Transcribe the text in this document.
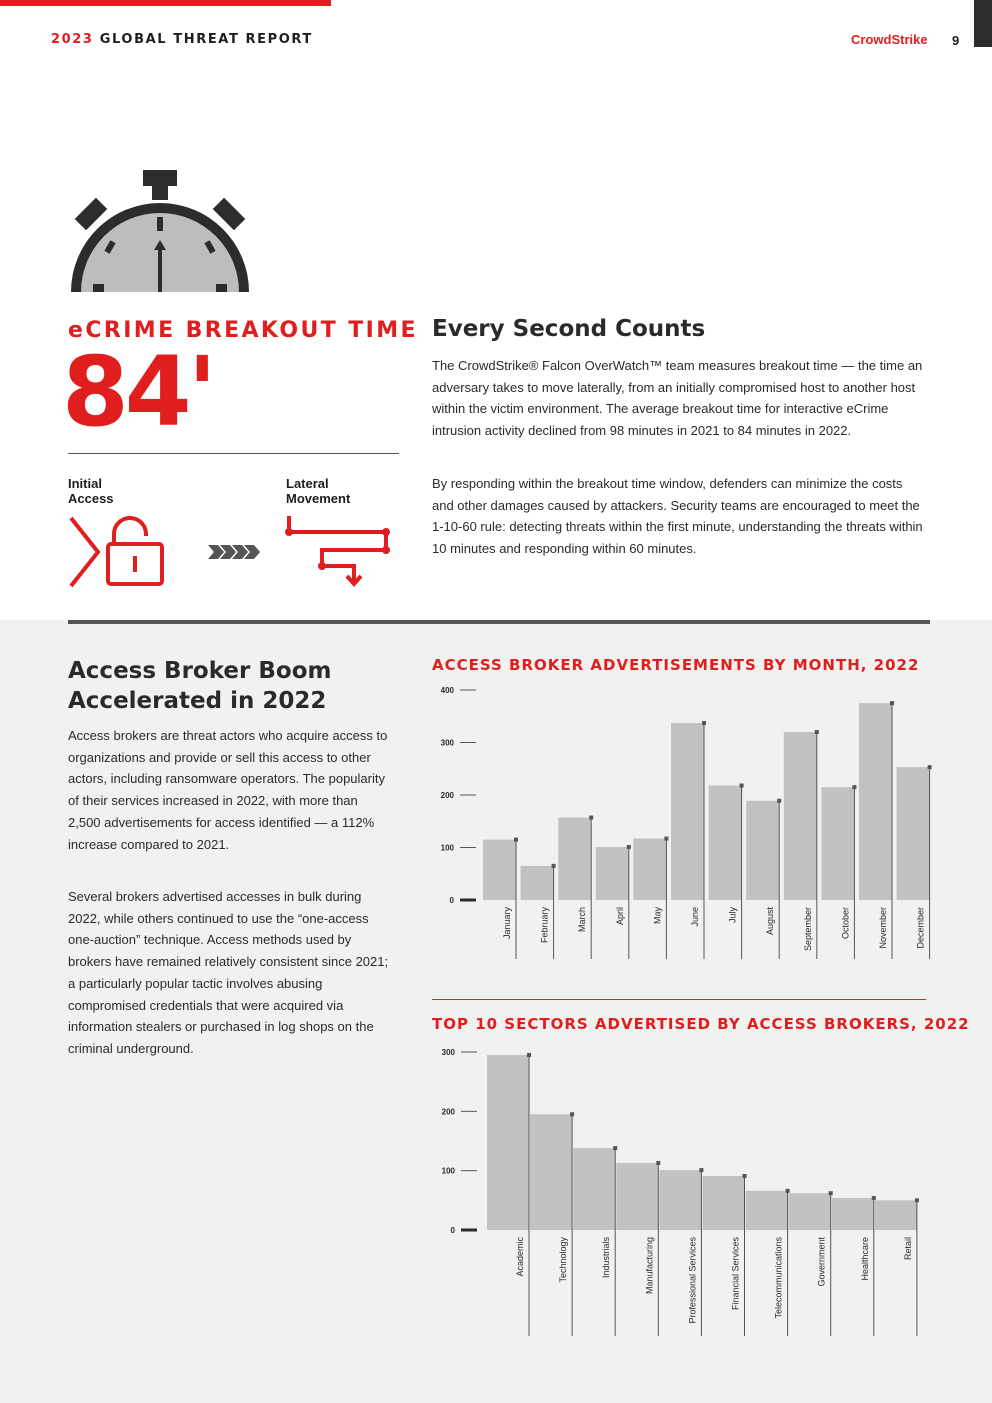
2023 GLOBAL THREAT REPORT	CrowdStrike 9
eCRIME BREAKOUT TIME
84'
Initial
Access
Lateral
Movement
Every Second Counts

The CrowdStrike® Falcon OverWatch™ team measures breakout time — the time an adversary takes to move laterally, from an initially compromised host to another host within the victim environment. The average breakout time for interactive eCrime intrusion activity declined from 98 minutes in 2021 to 84 minutes in 2022.

By responding within the breakout time window, defenders can minimize the costs and other damages caused by attackers. Security teams are encouraged to meet the 1-10-60 rule: detecting threats within the first minute, understanding the threats within 10 minutes and responding within 60 minutes.

Access Broker Boom
Accelerated in 2022

Access brokers are threat actors who acquire access to organizations and provide or sell this access to other actors, including ransomware operators. The popularity of their services increased in 2022, with more than 2,500 advertisements for access identified — a 112% increase compared to 2021.

Several brokers advertised accesses in bulk during 2022, while others continued to use the “one-access one-auction” technique. Access methods used by brokers have remained relatively consistent since 2021; a particularly popular tactic involves abusing compromised credentials that were acquired via information stealers or purchased in log shops on the criminal underground.

ACCESS BROKER ADVERTISEMENTS BY MONTH, 2022
0
100
200
300
400
January	February	March	April	May	June	July	August	September	October	November	December
TOP 10 SECTORS ADVERTISED BY ACCESS BROKERS, 2022
0
100
200
300
Academic	Technology	Industrials	Manufacturing	Professional Services	Financial Services	Telecommunications	Government	Healthcare	Retail
